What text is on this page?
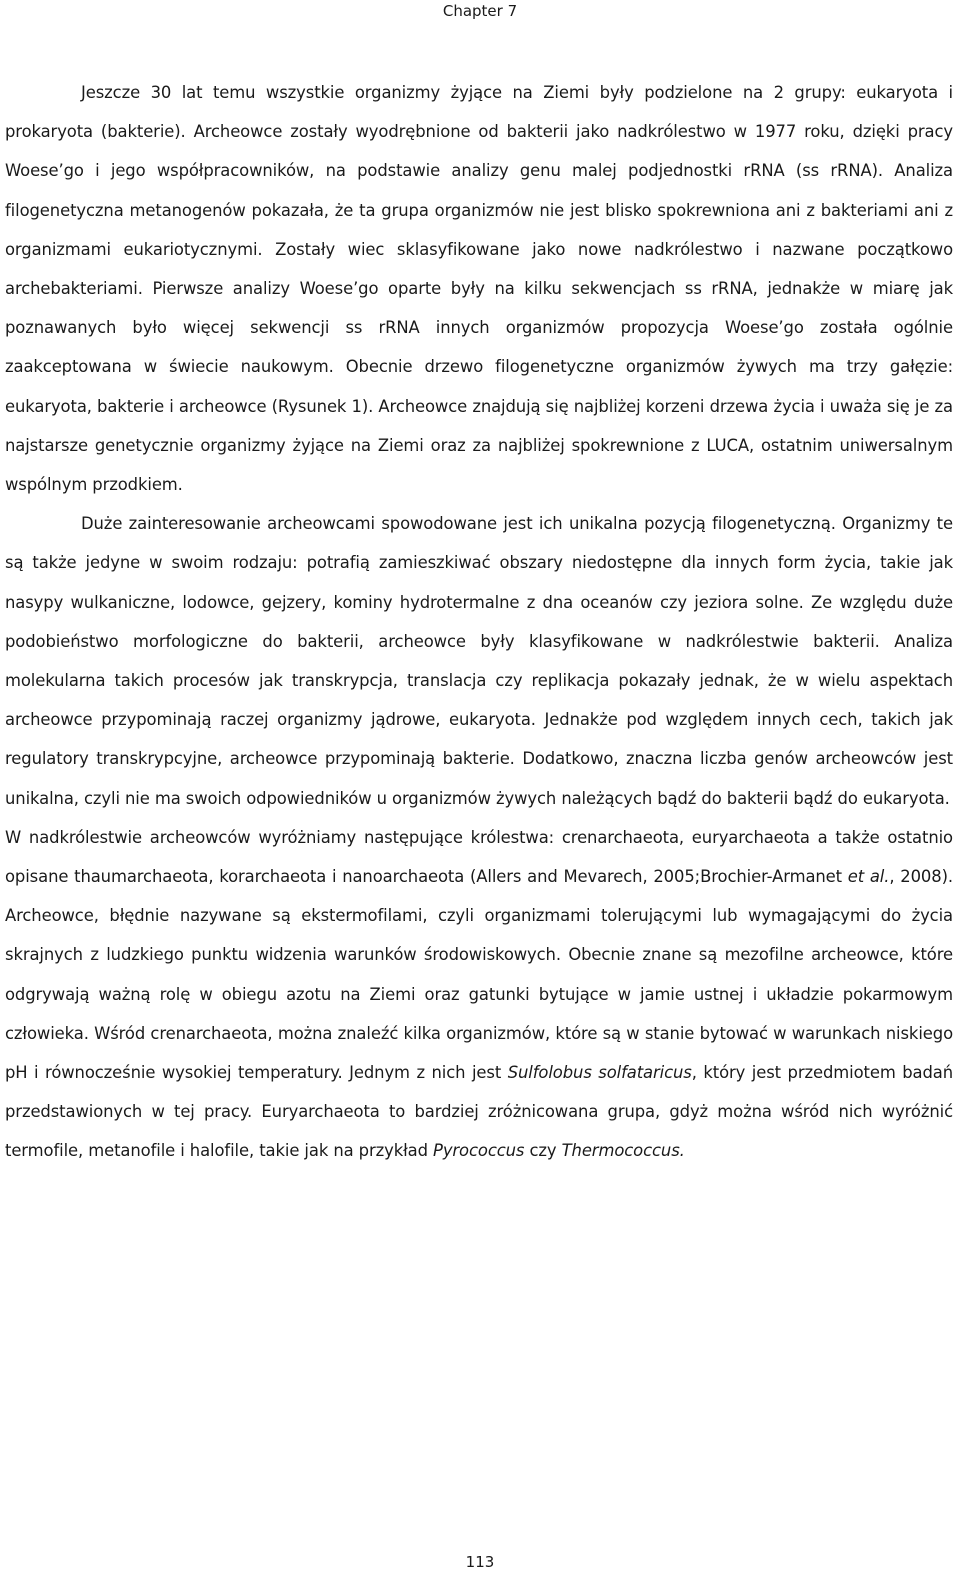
Chapter 7

Jeszcze 30 lat temu wszystkie organizmy żyjące na Ziemi były podzielone na 2 grupy: eukaryota i prokaryota (bakterie). Archeowce zostały wyodrębnione od bakterii jako nadkrólestwo w 1977 roku, dzięki pracy Woese’go i jego współpracowników, na podstawie analizy genu malej podjednostki rRNA (ss rRNA). Analiza filogenetyczna metanogenów pokazała, że ta grupa organizmów nie jest blisko spokrewniona ani z bakteriami ani z organizmami eukariotycznymi. Zostały wiec sklasyfikowane jako nowe nadkrólestwo i nazwane początkowo archebakteriami. Pierwsze analizy Woese’go oparte były na kilku sekwencjach ss rRNA, jednakże w miarę jak poznawanych było więcej sekwencji ss rRNA innych organizmów propozycja Woese’go została ogólnie zaakceptowana w świecie naukowym. Obecnie drzewo filogenetyczne organizmów żywych ma trzy gałęzie: eukaryota, bakterie i archeowce (Rysunek 1). Archeowce znajdują się najbliżej korzeni drzewa życia i uważa się je za najstarsze genetycznie organizmy żyjące na Ziemi oraz za najbliżej spokrewnione z LUCA, ostatnim uniwersalnym wspólnym przodkiem.

Duże zainteresowanie archeowcami spowodowane jest ich unikalna pozycją filogenetyczną. Organizmy te są także jedyne w swoim rodzaju: potrafią zamieszkiwać obszary niedostępne dla innych form życia, takie jak nasypy wulkaniczne, lodowce, gejzery, kominy hydrotermalne z dna oceanów czy jeziora solne. Ze względu duże podobieństwo morfologiczne do bakterii, archeowce były klasyfikowane w nadkrólestwie bakterii. Analiza molekularna takich procesów jak transkrypcja, translacja czy replikacja pokazały jednak, że w wielu aspektach archeowce przypominają raczej organizmy jądrowe, eukaryota. Jednakże pod względem innych cech, takich jak regulatory transkrypcyjne, archeowce przypominają bakterie. Dodatkowo, znaczna liczba genów archeowców jest unikalna, czyli nie ma swoich odpowiedników u organizmów żywych należących bądź do bakterii bądź do eukaryota.

W nadkrólestwie archeowców wyróżniamy następujące królestwa: crenarchaeota, euryarchaeota a także ostatnio opisane thaumarchaeota, korarchaeota i nanoarchaeota (Allers and Mevarech, 2005;Brochier-Armanet et al., 2008). Archeowce, błędnie nazywane są ekstermofilami, czyli organizmami tolerującymi lub wymagającymi do życia skrajnych z ludzkiego punktu widzenia warunków środowiskowych. Obecnie znane są mezofilne archeowce, które odgrywają ważną rolę w obiegu azotu na Ziemi oraz gatunki bytujące w jamie ustnej i układzie pokarmowym człowieka. Wśród crenarchaeota, można znaleźć kilka organizmów, które są w stanie bytować w warunkach niskiego pH i równocześnie wysokiej temperatury. Jednym z nich jest Sulfolobus solfataricus, który jest przedmiotem badań przedstawionych w tej pracy. Euryarchaeota to bardziej zróżnicowana grupa, gdyż można wśród nich wyróżnić termofile, metanofile i halofile, takie jak na przykład Pyrococcus czy Thermococcus.

113
